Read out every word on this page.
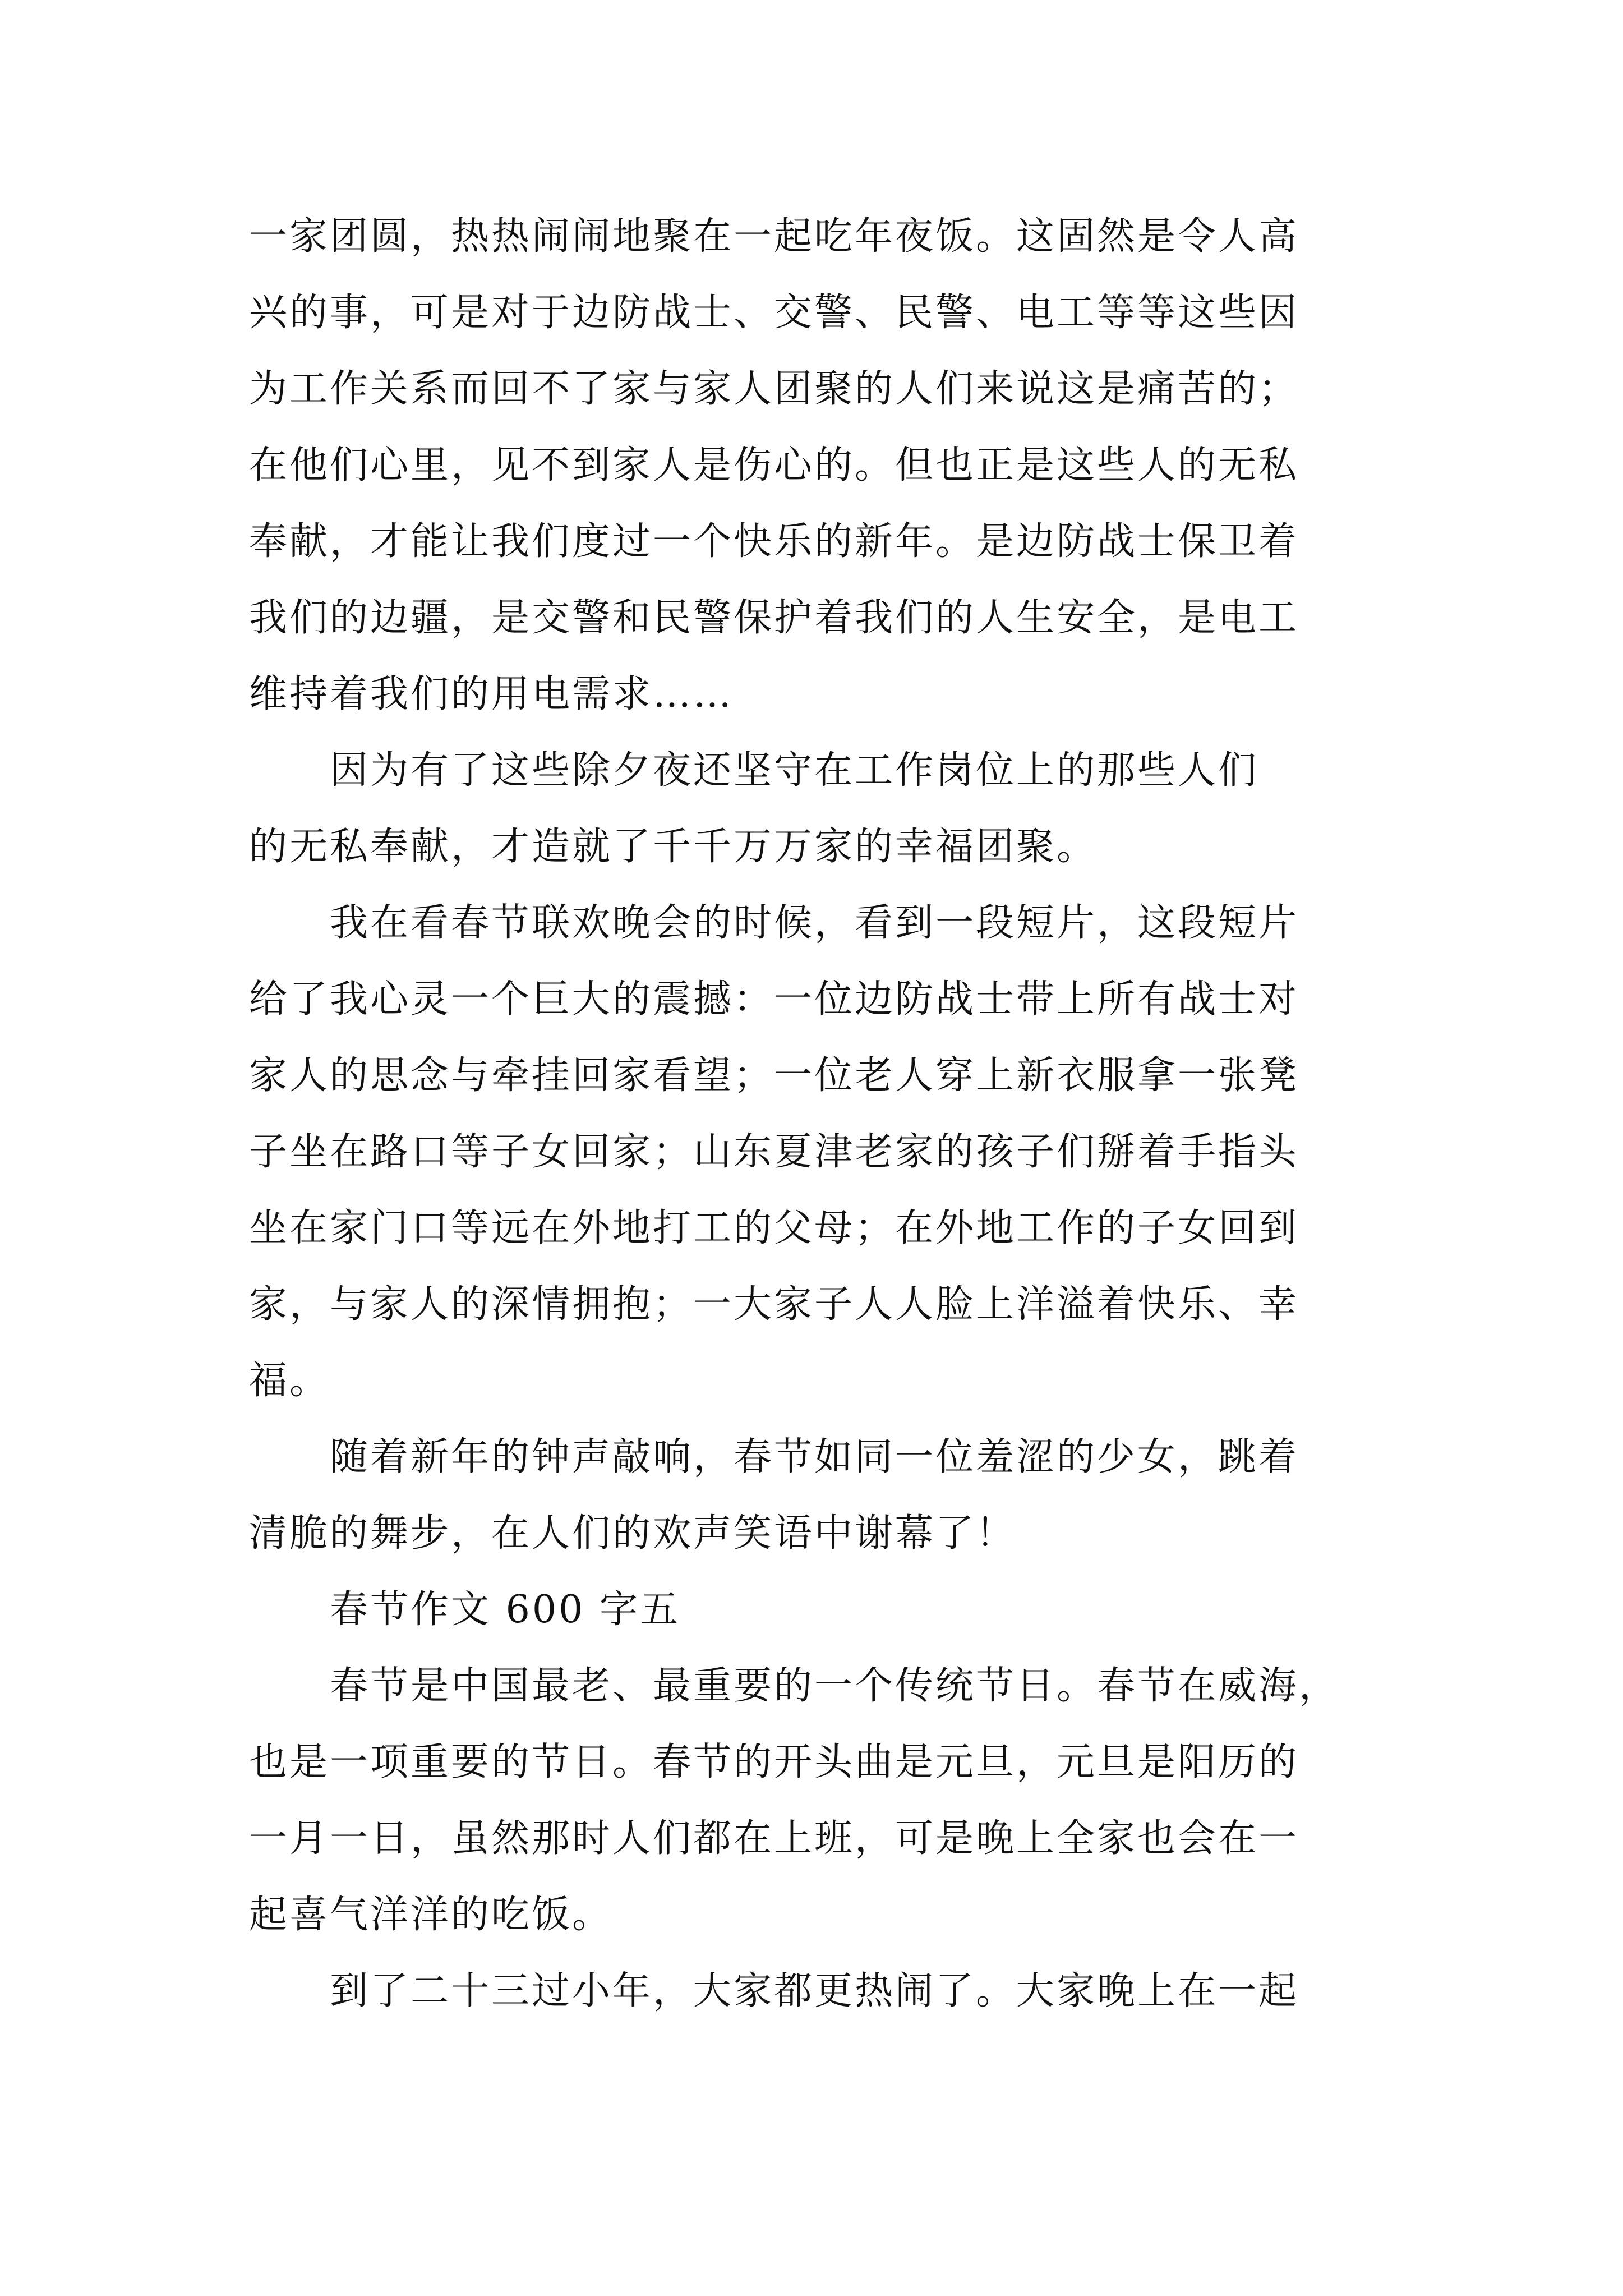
一家团圆，热热闹闹地聚在一起吃年夜饭。这固然是令人高
兴的事，可是对于边防战士、交警、民警、电工等等这些因
为工作关系而回不了家与家人团聚的人们来说这是痛苦的；
在他们心里，见不到家人是伤心的。但也正是这些人的无私
奉献，才能让我们度过一个快乐的新年。是边防战士保卫着
我们的边疆，是交警和民警保护着我们的人生安全，是电工
维持着我们的用电需求……

因为有了这些除夕夜还坚守在工作岗位上的那些人们
的无私奉献，才造就了千千万万家的幸福团聚。

我在看春节联欢晚会的时候，看到一段短片，这段短片
给了我心灵一个巨大的震撼：一位边防战士带上所有战士对
家人的思念与牵挂回家看望；一位老人穿上新衣服拿一张凳
子坐在路口等子女回家；山东夏津老家的孩子们掰着手指头
坐在家门口等远在外地打工的父母；在外地工作的子女回到
家，与家人的深情拥抱；一大家子人人脸上洋溢着快乐、幸
福。

随着新年的钟声敲响，春节如同一位羞涩的少女，跳着
清脆的舞步，在人们的欢声笑语中谢幕了！

春节作文 600 字五

春节是中国最老、最重要的一个传统节日。春节在威海，
也是一项重要的节日。春节的开头曲是元旦，元旦是阳历的
一月一日，虽然那时人们都在上班，可是晚上全家也会在一
起喜气洋洋的吃饭。

到了二十三过小年，大家都更热闹了。大家晚上在一起
